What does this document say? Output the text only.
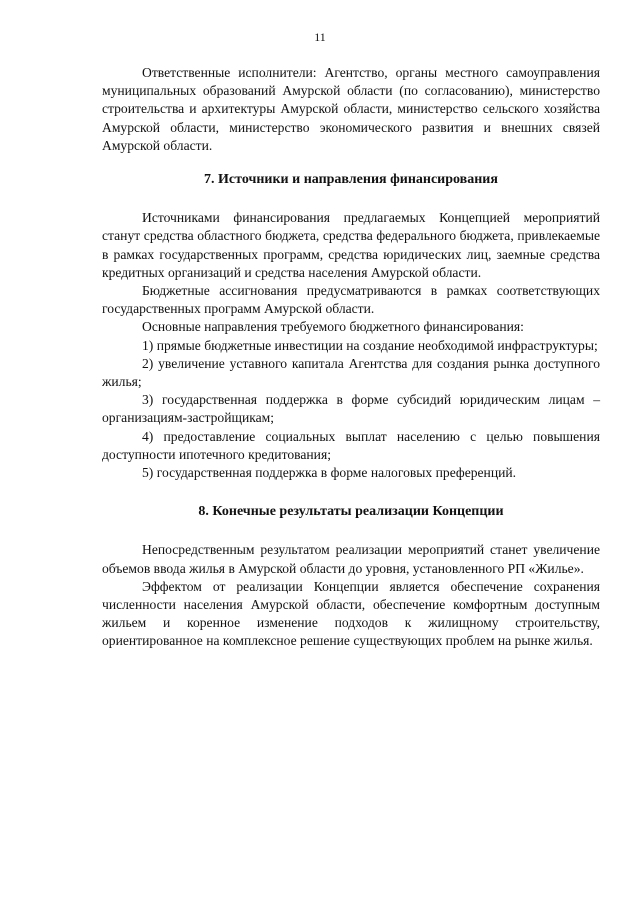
11

Ответственные исполнители: Агентство, органы местного самоуправления муниципальных образований Амурской области (по согласованию), министерство строительства и архитектуры Амурской области, министерство сельского хозяйства Амурской области, министерство экономического развития и внешних связей Амурской области.

7. Источники и направления финансирования

Источниками финансирования предлагаемых Концепцией мероприятий станут средства областного бюджета, средства федерального бюджета, привлекаемые в рамках государственных программ, средства юридических лиц, заемные средства кредитных организаций и средства населения Амурской области.

Бюджетные ассигнования предусматриваются в рамках соответствующих государственных программ Амурской области.

Основные направления требуемого бюджетного финансирования:

1) прямые бюджетные инвестиции на создание необходимой инфраструктуры;

2) увеличение уставного капитала Агентства для создания рынка доступного жилья;

3) государственная поддержка в форме субсидий юридическим лицам – организациям-застройщикам;

4) предоставление социальных выплат населению с целью повышения доступности ипотечного кредитования;

5) государственная поддержка в форме налоговых преференций.

8. Конечные результаты реализации Концепции

Непосредственным результатом реализации мероприятий станет увеличение объемов ввода жилья в Амурской области до уровня, установленного РП «Жилье».

Эффектом от реализации Концепции является обеспечение сохранения численности населения Амурской области, обеспечение комфортным доступным жильем и коренное изменение подходов к жилищному строительству, ориентированное на комплексное решение существующих проблем на рынке жилья.
